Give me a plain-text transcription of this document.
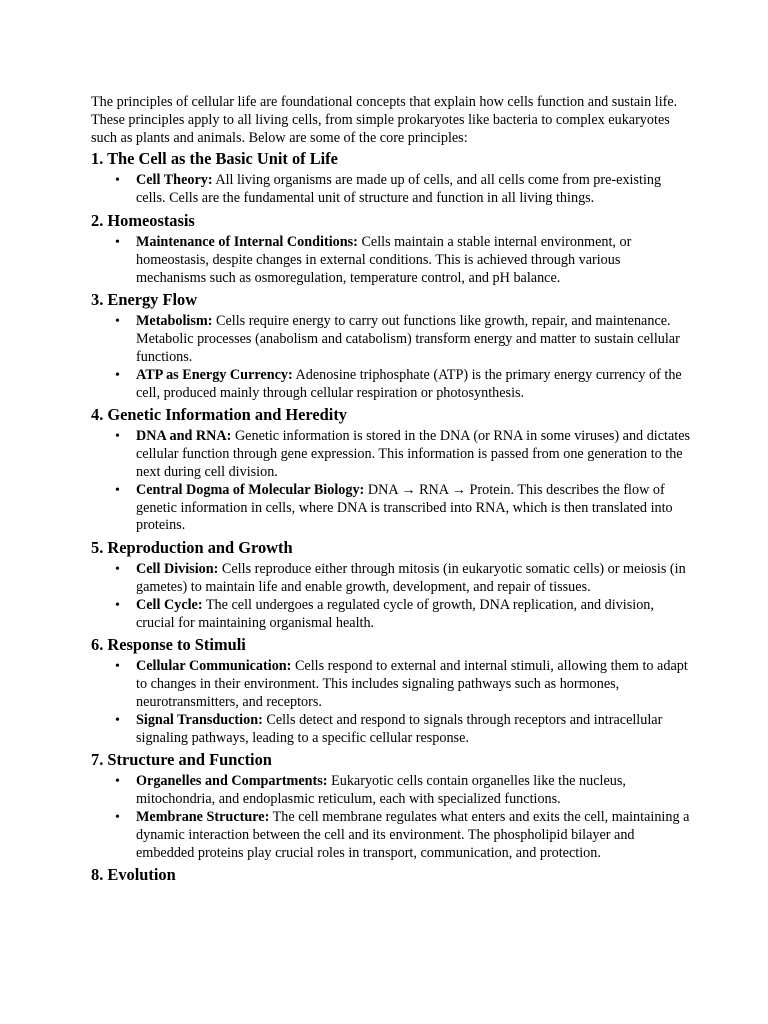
The principles of cellular life are foundational concepts that explain how cells function and sustain life. These principles apply to all living cells, from simple prokaryotes like bacteria to complex eukaryotes such as plants and animals. Below are some of the core principles:

1. The Cell as the Basic Unit of Life
• Cell Theory: All living organisms are made up of cells, and all cells come from pre-existing cells. Cells are the fundamental unit of structure and function in all living things.
2. Homeostasis
• Maintenance of Internal Conditions: Cells maintain a stable internal environment, or homeostasis, despite changes in external conditions. This is achieved through various mechanisms such as osmoregulation, temperature control, and pH balance.
3. Energy Flow
• Metabolism: Cells require energy to carry out functions like growth, repair, and maintenance. Metabolic processes (anabolism and catabolism) transform energy and matter to sustain cellular functions.
• ATP as Energy Currency: Adenosine triphosphate (ATP) is the primary energy currency of the cell, produced mainly through cellular respiration or photosynthesis.
4. Genetic Information and Heredity
• DNA and RNA: Genetic information is stored in the DNA (or RNA in some viruses) and dictates cellular function through gene expression. This information is passed from one generation to the next during cell division.
• Central Dogma of Molecular Biology: DNA → RNA → Protein. This describes the flow of genetic information in cells, where DNA is transcribed into RNA, which is then translated into proteins.
5. Reproduction and Growth
• Cell Division: Cells reproduce either through mitosis (in eukaryotic somatic cells) or meiosis (in gametes) to maintain life and enable growth, development, and repair of tissues.
• Cell Cycle: The cell undergoes a regulated cycle of growth, DNA replication, and division, crucial for maintaining organismal health.
6. Response to Stimuli
• Cellular Communication: Cells respond to external and internal stimuli, allowing them to adapt to changes in their environment. This includes signaling pathways such as hormones, neurotransmitters, and receptors.
• Signal Transduction: Cells detect and respond to signals through receptors and intracellular signaling pathways, leading to a specific cellular response.
7. Structure and Function
• Organelles and Compartments: Eukaryotic cells contain organelles like the nucleus, mitochondria, and endoplasmic reticulum, each with specialized functions.
• Membrane Structure: The cell membrane regulates what enters and exits the cell, maintaining a dynamic interaction between the cell and its environment. The phospholipid bilayer and embedded proteins play crucial roles in transport, communication, and protection.
8. Evolution
